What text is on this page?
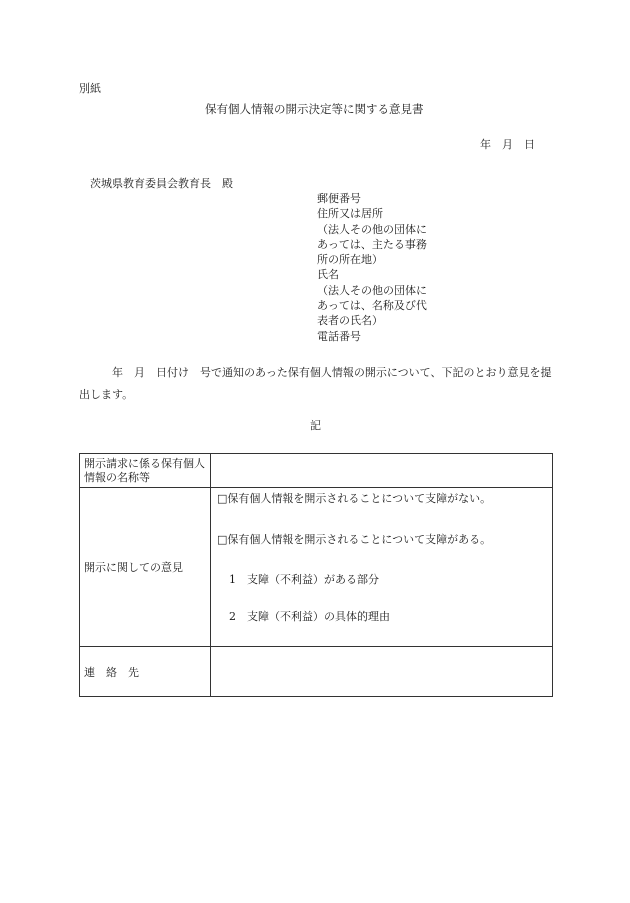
別紙
保有個人情報の開示決定等に関する意見書
年　月　日
茨城県教育委員会教育長　殿
郵便番号
住所又は居所
（法人その他の団体に
あっては、主たる事務
所の所在地）
氏名
（法人その他の団体に
あっては、名称及び代
表者の氏名）
電話番号
　　　年　月　日付け　号で通知のあった保有個人情報の開示について、下記のとおり意見を提出します。
記
開示請求に係る保有個人情報の名称等	
開示に関しての意見	□保有個人情報を開示されることについて支障がない。
□保有個人情報を開示されることについて支障がある。
1　支障（不利益）がある部分
2　支障（不利益）の具体的理由

連　絡　先	
